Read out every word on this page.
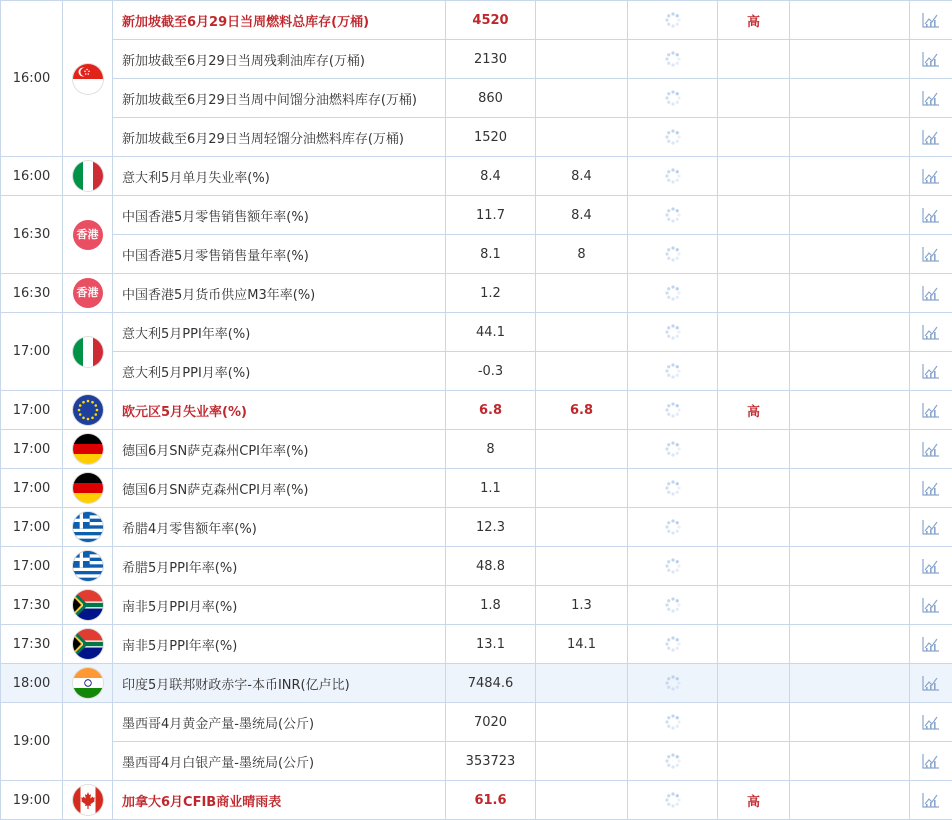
16:00		新加坡截至6月29日当周燃料总库存(万桶)	4520			高		
		新加坡截至6月29日当周残剩油库存(万桶)	2130					
		新加坡截至6月29日当周中间馏分油燃料库存(万桶)	860					
		新加坡截至6月29日当周轻馏分油燃料库存(万桶)	1520					
16:00		意大利5月单月失业率(%)	8.4	8.4				
16:30	香港	中国香港5月零售销售额年率(%)	11.7	8.4				
		中国香港5月零售销售量年率(%)	8.1	8				
16:30	香港	中国香港5月货币供应M3年率(%)	1.2					
17:00		意大利5月PPI年率(%)	44.1					
		意大利5月PPI月率(%)	-0.3					
17:00		欧元区5月失业率(%)	6.8	6.8		高		
17:00		德国6月SN萨克森州CPI年率(%)	8					
17:00		德国6月SN萨克森州CPI月率(%)	1.1					
17:00		希腊4月零售额年率(%)	12.3					
17:00		希腊5月PPI年率(%)	48.8					
17:30		南非5月PPI月率(%)	1.8	1.3				
17:30		南非5月PPI年率(%)	13.1	14.1				
18:00		印度5月联邦财政赤字-本币INR(亿卢比)	7484.6					
19:00		墨西哥4月黄金产量-墨统局(公斤)	7020					
		墨西哥4月白银产量-墨统局(公斤)	353723					
19:00		加拿大6月CFIB商业晴雨表	61.6			高		
